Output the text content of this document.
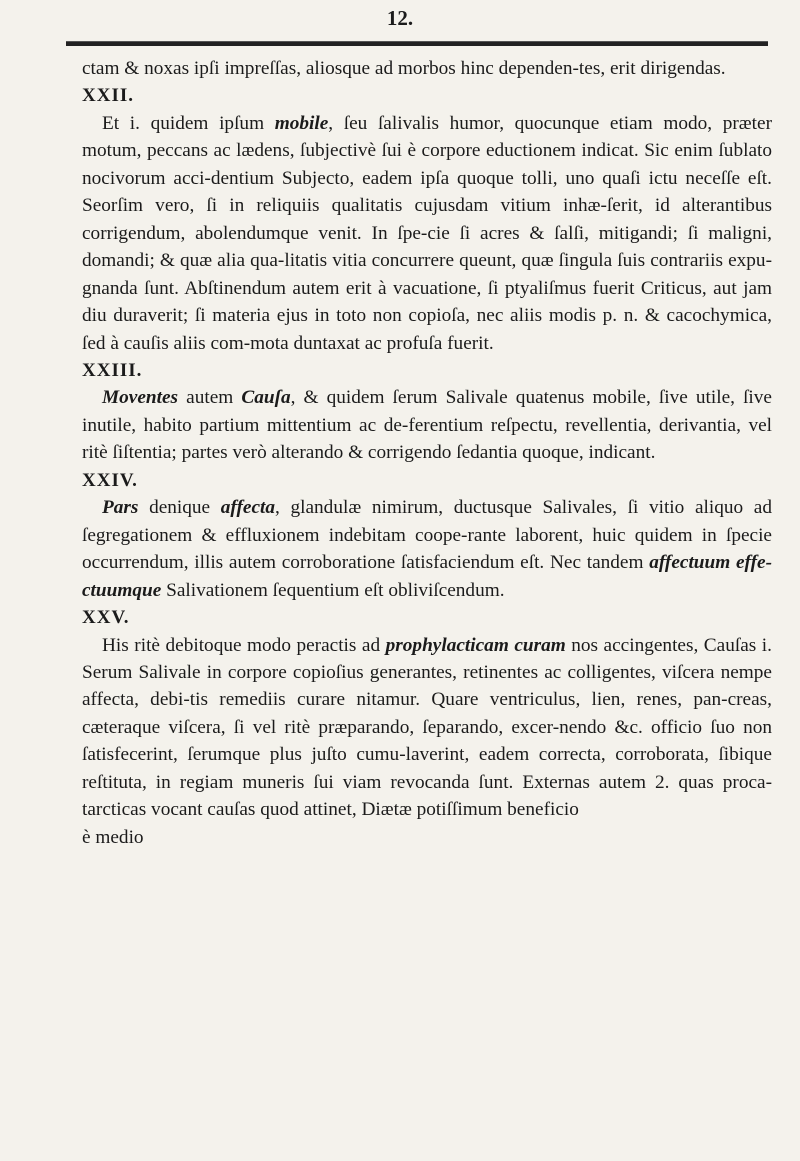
12.

ctam & noxas ipſi impreſſas, aliosque ad morbos hinc dependen-tes, erit dirigendas.

XXII.

Et i. quidem ipſum mobile, ſeu ſalivalis humor, quocunque etiam modo, præter motum, peccans ac lædens, ſubjectivè ſui è corpore eductionem indicat. Sic enim ſublato nocivorum acci-dentium Subjecto, eadem ipſa quoque tolli, uno quaſi ictu neceſſe eſt. Seorſim vero, ſi in reliquiis qualitatis cujusdam vitium inhæ-ſerit, id alterantibus corrigendum, abolendumque venit. In ſpe-cie ſi acres & ſalſi, mitigandi; ſi maligni, domandi; & quæ alia qua-litatis vitia concurrere queunt, quæ ſingula ſuis contrariis expu-gnanda ſunt. Abſtinendum autem erit à vacuatione, ſi ptyaliſmus fuerit Criticus, aut jam diu duraverit; ſi materia ejus in toto non copioſa, nec aliis modis p. n. & cacochymica, ſed à cauſis aliis com-mota duntaxat ac profuſa fuerit.

XXIII.

Moventes autem Cauſa, & quidem ſerum Salivale quatenus mobile, ſive utile, ſive inutile, habito partium mittentium ac de-ferentium reſpectu, revellentia, derivantia, vel ritè ſiſtentia; partes verò alterando & corrigendo ſedantia quoque, indicant.

XXIV.

Pars denique affecta, glandulæ nimirum, ductusque Salivales, ſi vitio aliquo ad ſegregationem & effluxionem indebitam coope-rante laborent, huic quidem in ſpecie occurrendum, illis autem corroboratione ſatisfaciendum eſt. Nec tandem affectuum effe-ctuumque Salivationem ſequentium eſt obliviſcendum.

XXV.

His ritè debitoque modo peractis ad prophylacticam curam nos accingentes, Cauſas i. Serum Salivale in corpore copioſius generantes, retinentes ac colligentes, viſcera nempe affecta, debi-tis remediis curare nitamur. Quare ventriculus, lien, renes, pan-creas, cæteraque viſcera, ſi vel ritè præparando, ſeparando, excer-nendo &c. officio ſuo non ſatisfecerint, ſerumque plus juſto cumu-laverint, eadem correcta, corroborata, ſibique reſtituta, in regiam muneris ſui viam revocanda ſunt. Externas autem 2. quas proca-tarcticas vocant cauſas quod attinet, Diætæ potiſſimum beneficio

è medio
